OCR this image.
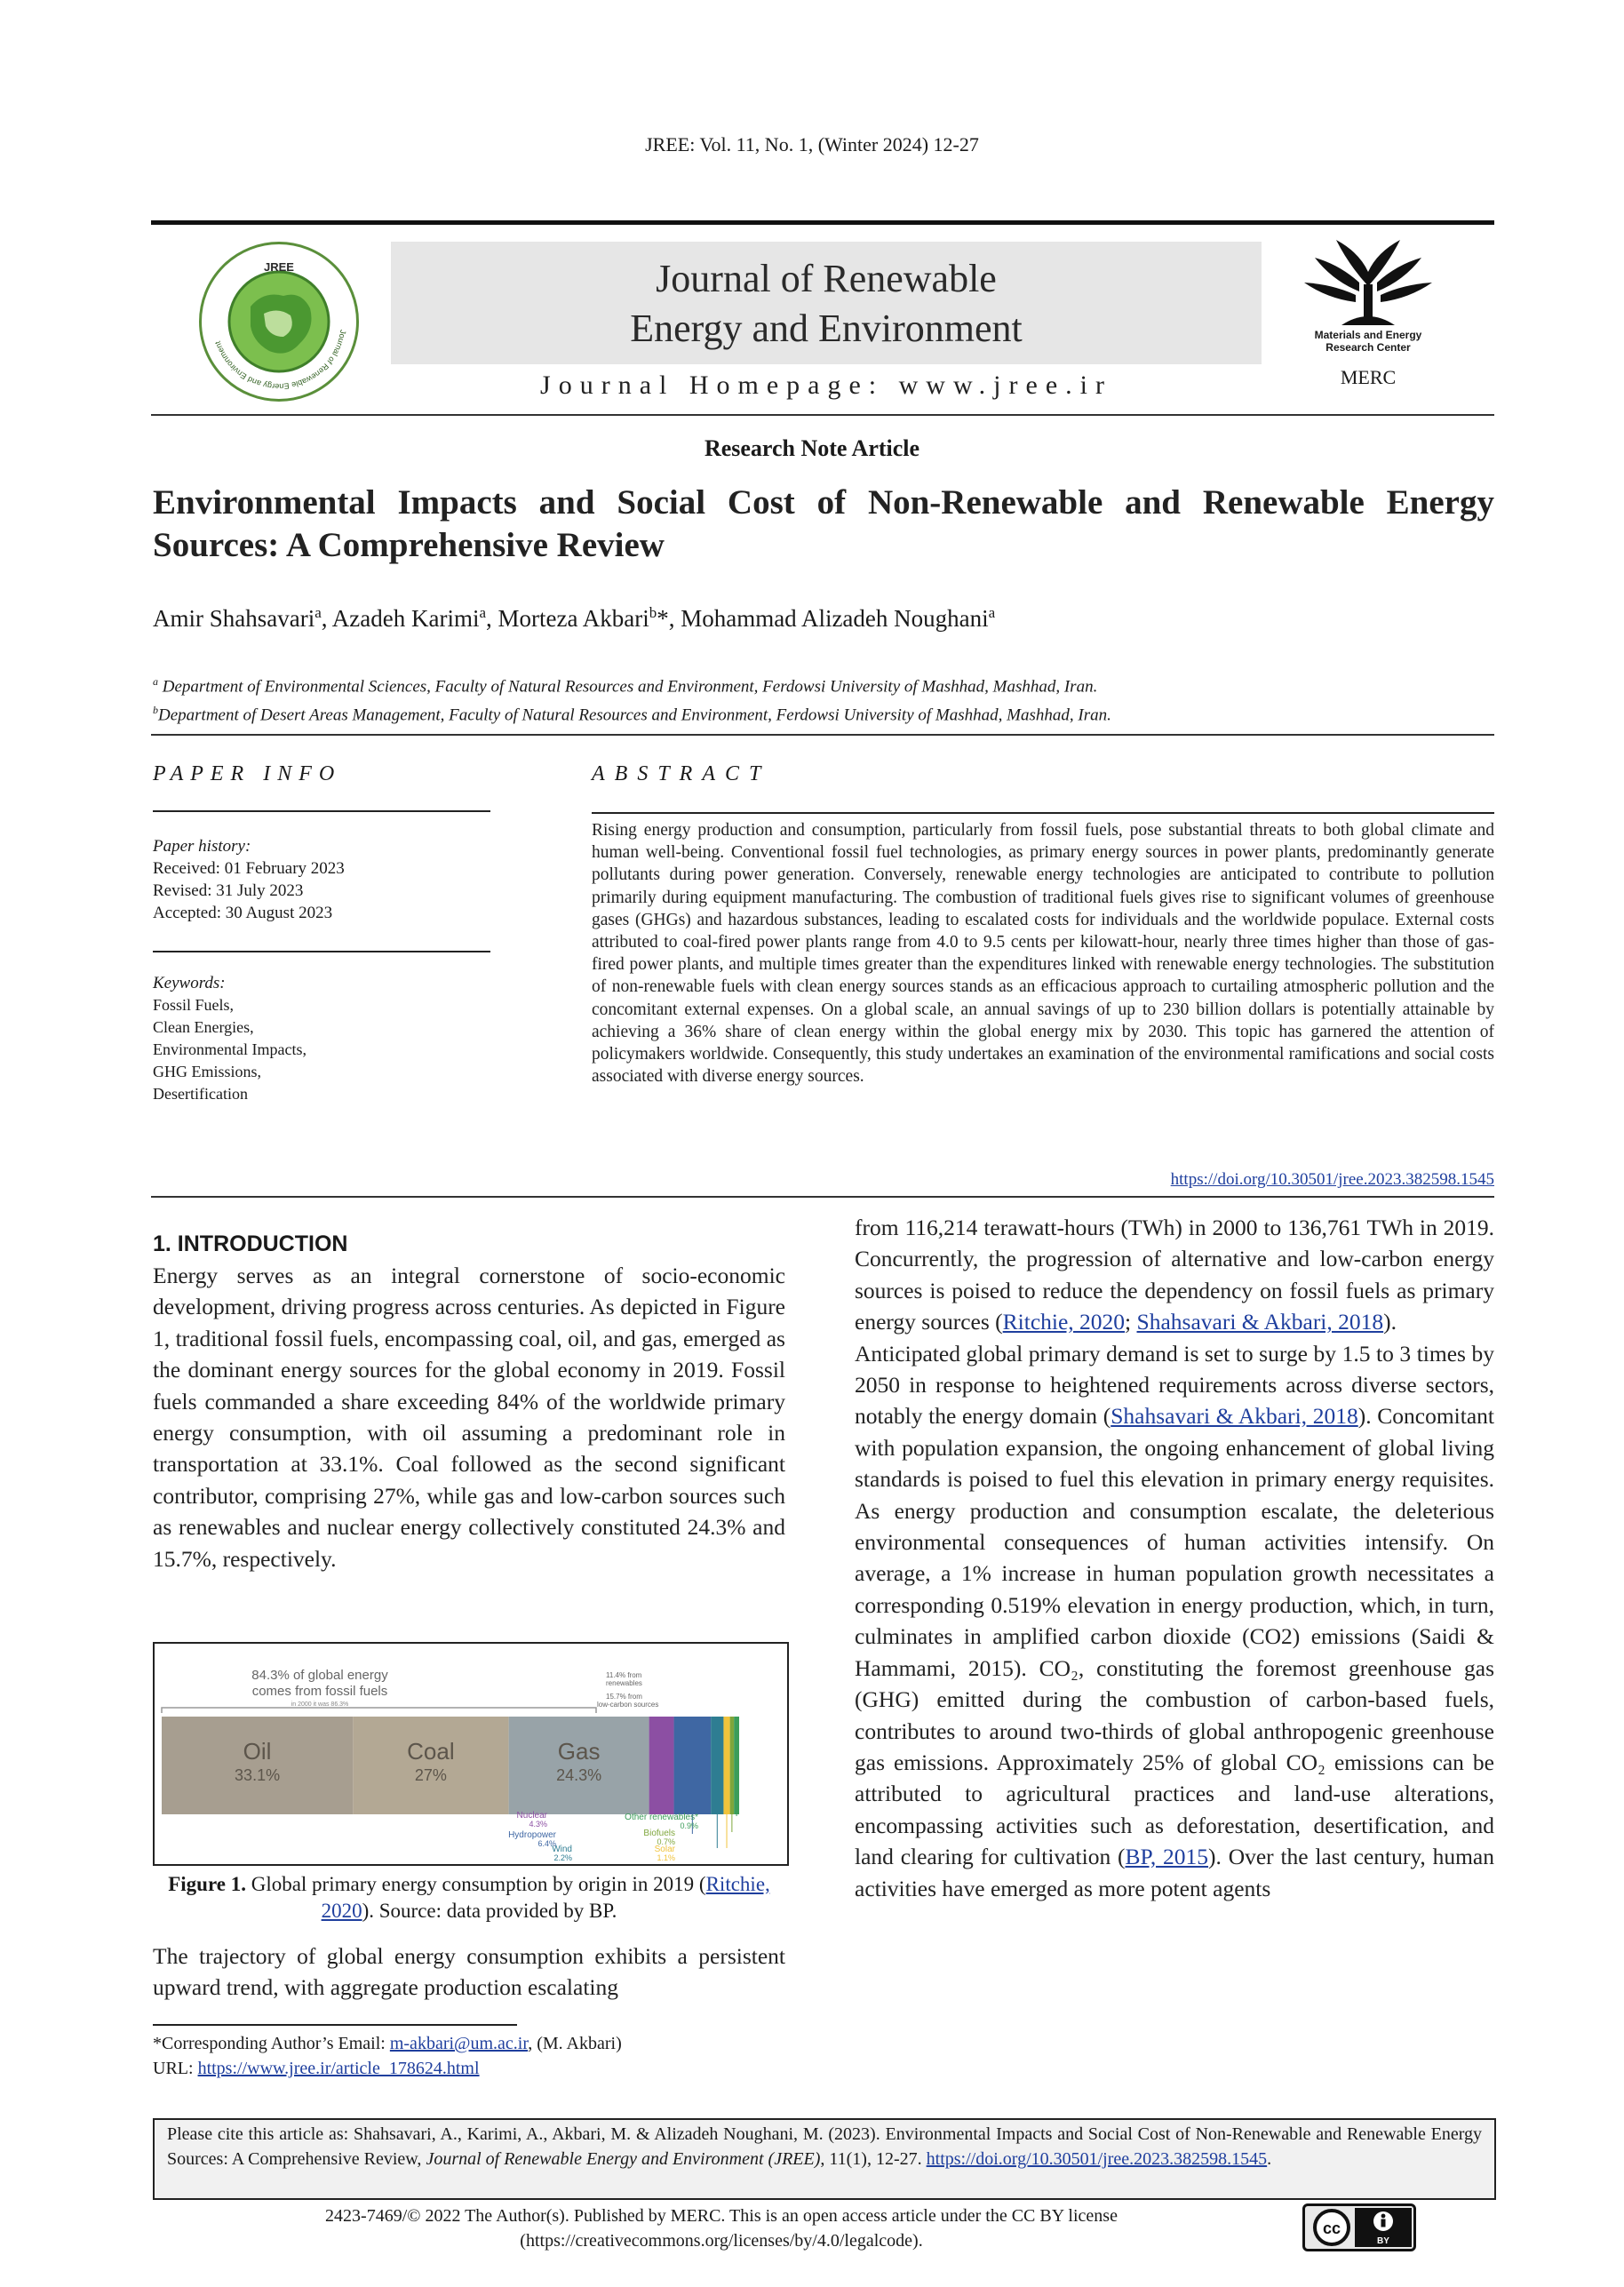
JREE: Vol. 11, No. 1, (Winter 2024) 12-27
JREE
Journal of Renewable Energy and Environment
Journal of Renewable
Energy and Environment
Journal Homepage: www.jree.ir
Materials and Energy
Research Center
MERC
Research Note Article
Environmental Impacts and Social Cost of Non-Renewable and Renewable Energy Sources: A Comprehensive Review
Amir Shahsavari$^a$, Azadeh Karimi$^a$, Morteza Akbari$^b$*, Mohammad Alizadeh Noughani$^a$
$^a$ Department of Environmental Sciences, Faculty of Natural Resources and Environment, Ferdowsi University of Mashhad, Mashhad, Iran.
$^b$Department of Desert Areas Management, Faculty of Natural Resources and Environment, Ferdowsi University of Mashhad, Mashhad, Iran.
PAPER INFO	ABSTRACT
Paper history:
Received: 01 February 2023
Revised: 31 July 2023
Accepted: 30 August 2023
Keywords:
Fossil Fuels,
Clean Energies,
Environmental Impacts,
GHG Emissions,
Desertification
Rising energy production and consumption, particularly from fossil fuels, pose substantial threats to both global climate and human well-being. Conventional fossil fuel technologies, as primary energy sources in power plants, predominantly generate pollutants during power generation. Conversely, renewable energy technologies are anticipated to contribute to pollution primarily during equipment manufacturing. The combustion of traditional fuels gives rise to significant volumes of greenhouse gases (GHGs) and hazardous substances, leading to escalated costs for individuals and the worldwide populace. External costs attributed to coal-fired power plants range from 4.0 to 9.5 cents per kilowatt-hour, nearly three times higher than those of gas-fired power plants, and multiple times greater than the expenditures linked with renewable energy technologies. The substitution of non-renewable fuels with clean energy sources stands as an efficacious approach to curtailing atmospheric pollution and the concomitant external expenses. On a global scale, an annual savings of up to 230 billion dollars is potentially attainable by achieving a 36% share of clean energy within the global energy mix by 2030. This topic has garnered the attention of policymakers worldwide. Consequently, this study undertakes an examination of the environmental ramifications and social costs associated with diverse energy sources.
https://doi.org/10.30501/jree.2023.382598.1545
1. INTRODUCTION
Energy serves as an integral cornerstone of socio-economic development, driving progress across centuries. As depicted in Figure 1, traditional fossil fuels, encompassing coal, oil, and gas, emerged as the dominant energy sources for the global economy in 2019. Fossil fuels commanded a share exceeding 84% of the worldwide primary energy consumption, with oil assuming a predominant role in transportation at 33.1%. Coal followed as the second significant contributor, comprising 27%, while gas and low-carbon sources such as renewables and nuclear energy collectively constituted 24.3% and 15.7%, respectively.
84.3% of global energy
comes from fossil fuels
in 2000 it was 86.3%
11.4% from
renewables
15.7% from
low-carbon sources
Oil
33.1%
Coal
27%
Gas
24.3%
Nuclear
4.3%
Hydropower
6.4%
Wind
2.2%
Solar
1.1%
Biofuels
0.7%
Other renewables*
0.9%
Figure 1. Global primary energy consumption by origin in 2019 (Ritchie, 2020). Source: data provided by BP.
The trajectory of global energy consumption exhibits a persistent upward trend, with aggregate production escalating
from 116,214 terawatt-hours (TWh) in 2000 to 136,761 TWh in 2019. Concurrently, the progression of alternative and low-carbon energy sources is poised to reduce the dependency on fossil fuels as primary energy sources (Ritchie, 2020; Shahsavari & Akbari, 2018).
Anticipated global primary demand is set to surge by 1.5 to 3 times by 2050 in response to heightened requirements across diverse sectors, notably the energy domain (Shahsavari & Akbari, 2018). Concomitant with population expansion, the ongoing enhancement of global living standards is poised to fuel this elevation in primary energy requisites. As energy production and consumption escalate, the deleterious environmental consequences of human activities intensify. On average, a 1% increase in human population growth necessitates a corresponding 0.519% elevation in energy production, which, in turn, culminates in amplified carbon dioxide (CO2) emissions (Saidi & Hammami, 2015). CO₂, constituting the foremost greenhouse gas (GHG) emitted during the combustion of carbon-based fuels, contributes to around two-thirds of global anthropogenic greenhouse gas emissions. Approximately 25% of global CO₂ emissions can be attributed to agricultural practices and land-use alterations, encompassing activities such as deforestation, desertification, and land clearing for cultivation (BP, 2015). Over the last century, human activities have emerged as more potent agents
*Corresponding Author’s Email: m-akbari@um.ac.ir, (M. Akbari)
URL: https://www.jree.ir/article_178624.html
Please cite this article as: Shahsavari, A., Karimi, A., Akbari, M. & Alizadeh Noughani, M. (2023). Environmental Impacts and Social Cost of Non-Renewable and Renewable Energy Sources: A Comprehensive Review, Journal of Renewable Energy and Environment (JREE), 11(1), 12-27. https://doi.org/10.30501/jree.2023.382598.1545.
2423-7469/© 2022 The Author(s). Published by MERC. This is an open access article under the CC BY license
(https://creativecommons.org/licenses/by/4.0/legalcode).
cc
BY
